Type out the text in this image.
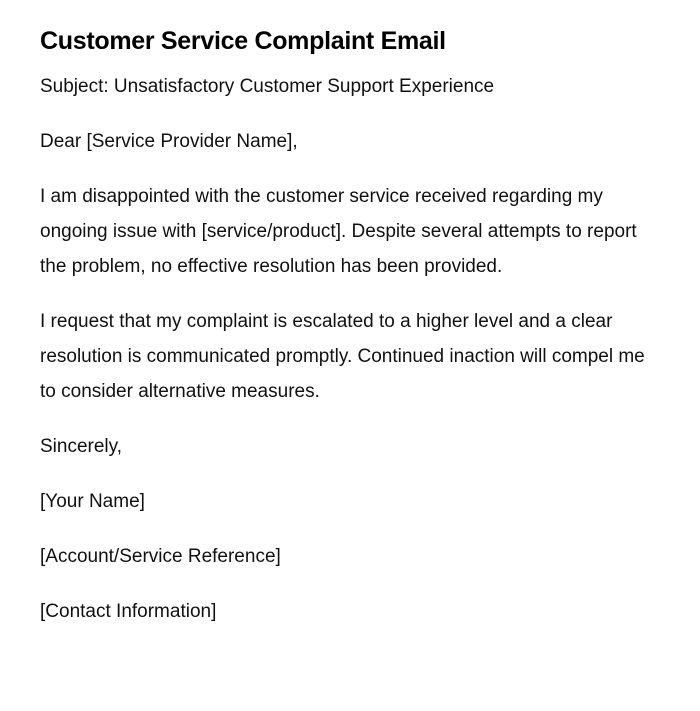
Customer Service Complaint Email

Subject: Unsatisfactory Customer Support Experience

Dear [Service Provider Name],

I am disappointed with the customer service received regarding my ongoing issue with [service/product]. Despite several attempts to report the problem, no effective resolution has been provided.

I request that my complaint is escalated to a higher level and a clear resolution is communicated promptly. Continued inaction will compel me to consider alternative measures.

Sincerely,

[Your Name]

[Account/Service Reference]

[Contact Information]
